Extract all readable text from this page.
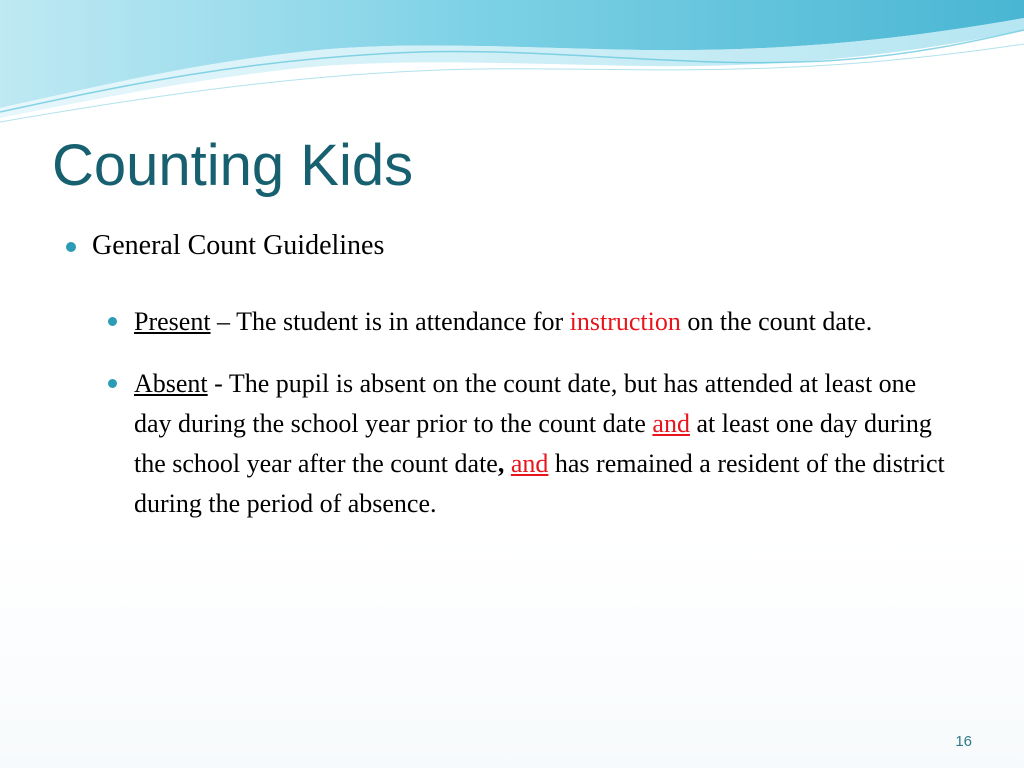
Counting Kids
General Count Guidelines
Present – The student is in attendance for instruction on the count date.
Absent - The pupil is absent on the count date, but has attended at least one day during the school year prior to the count date and at least one day during the school year after the count date, and has remained a resident of the district during the period of absence.
16
